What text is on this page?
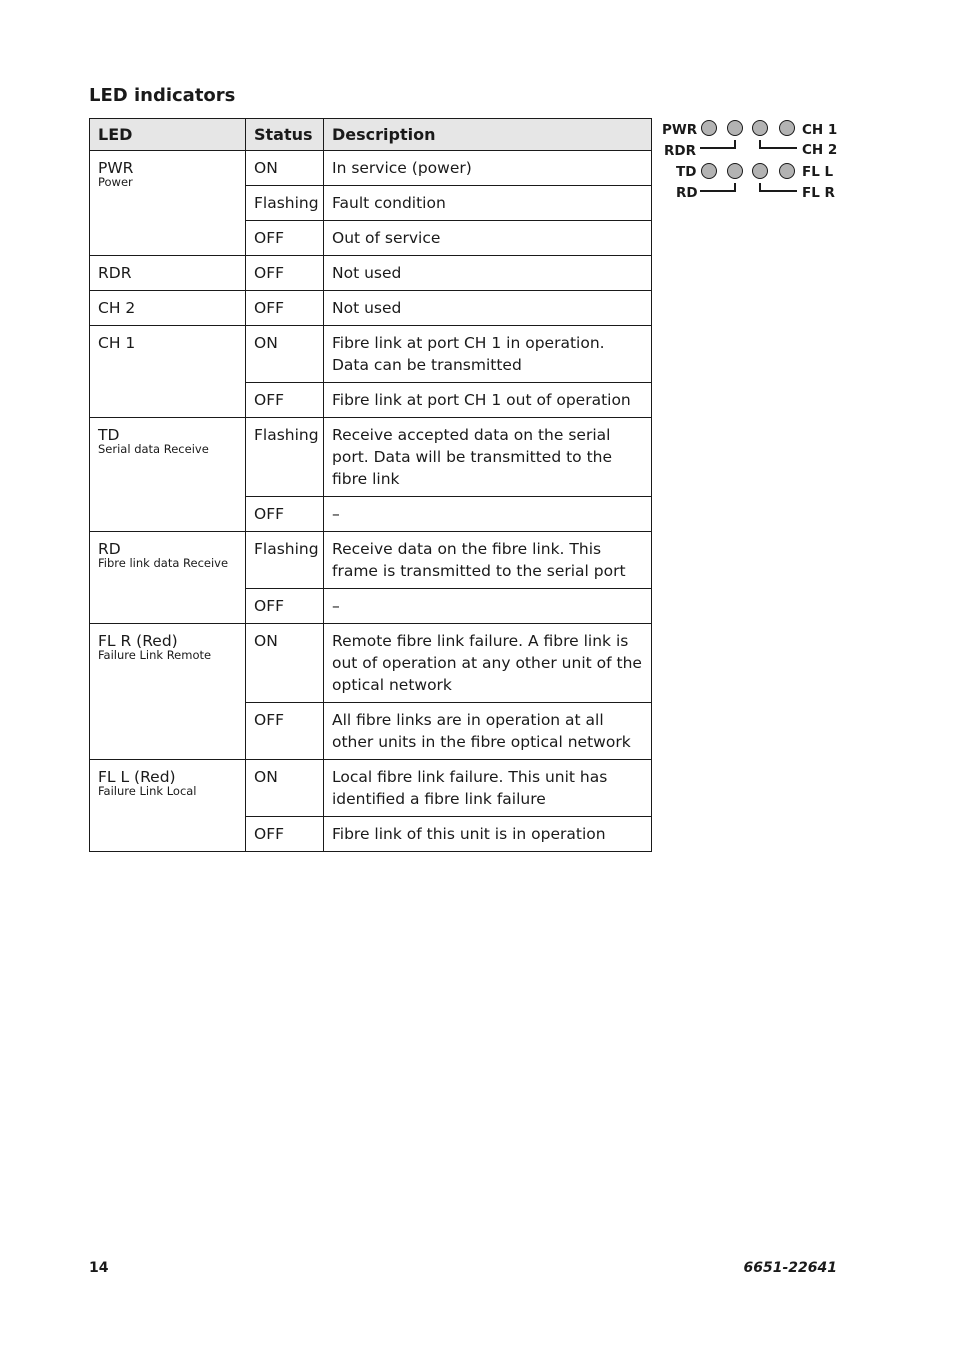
LED indicators
LED	Status	Description

PWR
Power	ON	In service (power)
	Flashing	Fault condition
	OFF	Out of service

RDR	OFF	Not used

CH 2	OFF	Not used

CH 1	ON	Fibre link at port CH 1 in operation. Data can be transmitted
	OFF	Fibre link at port CH 1 out of operation

TD
Serial data Receive	Flashing	Receive accepted data on the serial port. Data will be transmitted to the fibre link
	OFF	–

RD
Fibre link data Receive	Flashing	Receive data on the fibre link. This frame is transmitted to the serial port
	OFF	–

FL R (Red)
Failure Link Remote	ON	Remote fibre link failure. A fibre link is out of operation at any other unit of the optical network
	OFF	All fibre links are in operation at all other units in the fibre optical network

FL L (Red)
Failure Link Local	ON	Local fibre link failure. This unit has identified a fibre link failure
	OFF	Fibre link of this unit is in operation
PWR
RDR
TD
RD
CH 1
CH 2
FL L
FL R
14	6651-22641
